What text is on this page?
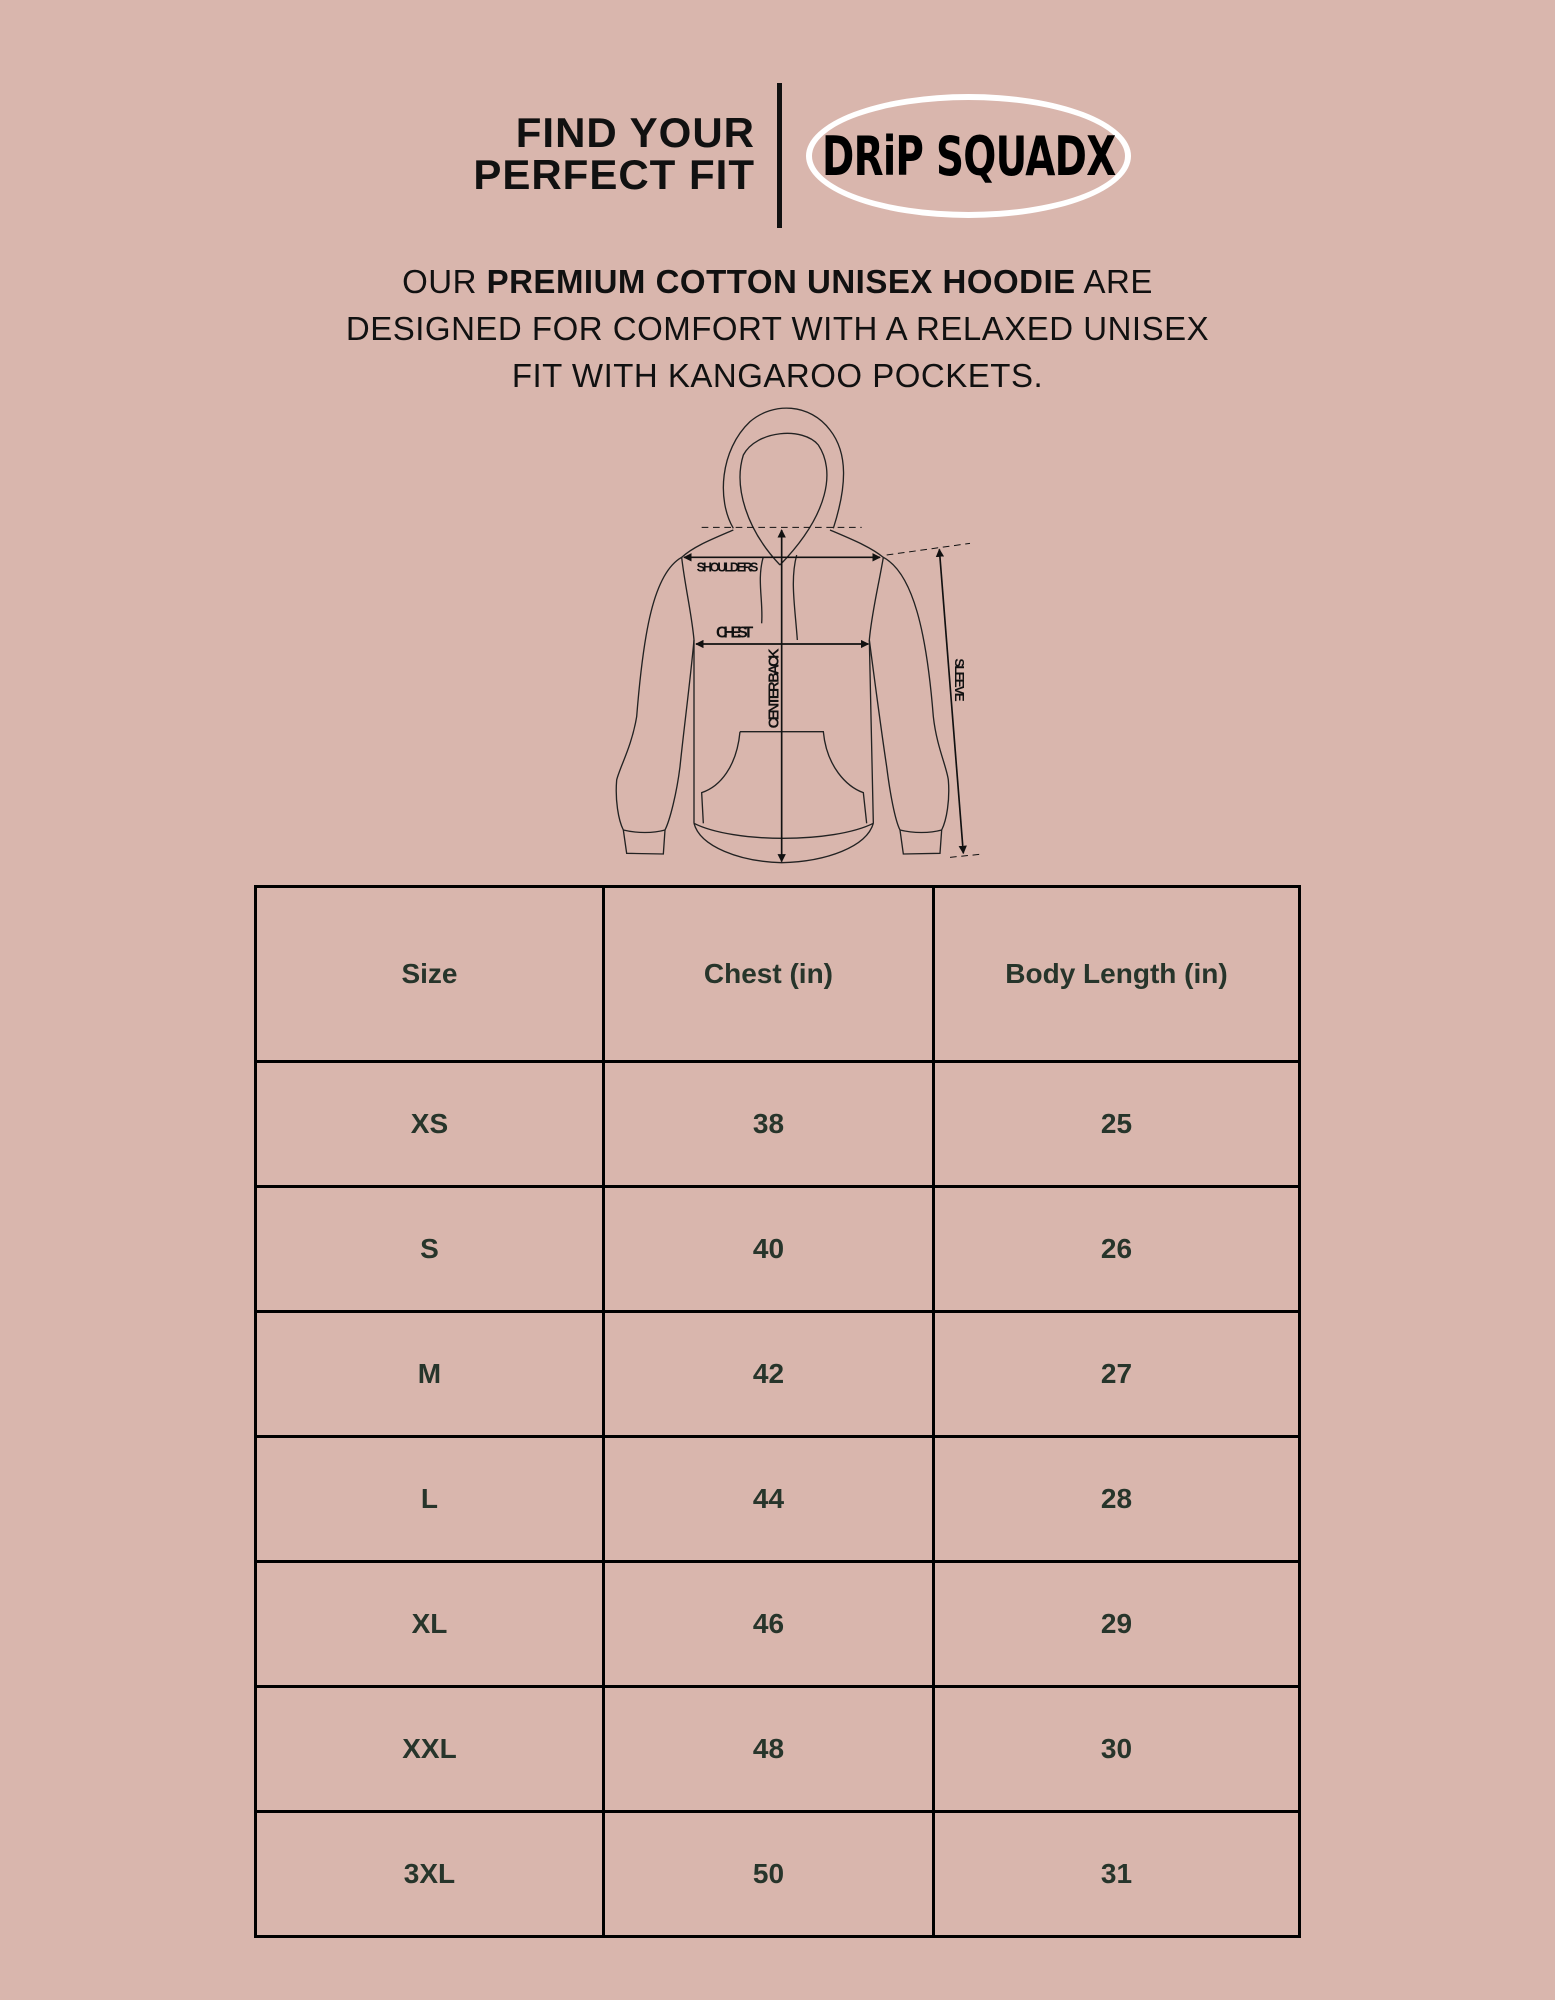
FIND YOUR
PERFECT FIT DRiP SQUADX
OUR PREMIUM COTTON UNISEX HOODIE ARE
DESIGNED FOR COMFORT WITH A RELAXED UNISEX
FIT WITH KANGAROO POCKETS.
SHOULDERS
CHEST
CENTER BACK
SLEEVE
Size	Chest (in)	Body Length (in)
XS	38	25
S	40	26
M	42	27
L	44	28
XL	46	29
XXL	48	30
3XL	50	31
